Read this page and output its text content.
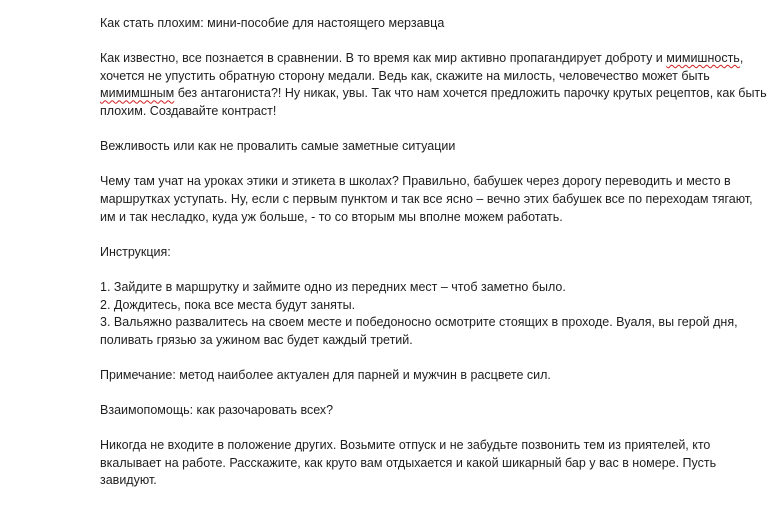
Как стать плохим: мини-пособие для настоящего мерзавца

Как известно, все познается в сравнении. В то время как мир активно пропагандирует доброту и мимишность, хочется не упустить обратную сторону медали. Ведь как, скажите на милость, человечество может быть мимимшным без антагониста?! Ну никак, увы. Так что нам хочется предложить парочку крутых рецептов, как быть плохим. Создавайте контраст!

Вежливость или как не провалить самые заметные ситуации

Чему там учат на уроках этики и этикета в школах? Правильно, бабушек через дорогу переводить и место в маршрутках уступать. Ну, если с первым пунктом и так все ясно – вечно этих бабушек все по переходам тягают, им и так несладко, куда уж больше, - то со вторым мы вполне можем работать.

Инструкция:

1. Зайдите в маршрутку и займите одно из передних мест – чтоб заметно было.

2. Дождитесь, пока все места будут заняты.

3. Вальяжно развалитесь на своем месте и победоносно осмотрите стоящих в проходе. Вуаля, вы герой дня, поливать грязью за ужином вас будет каждый третий.

Примечание: метод наиболее актуален для парней и мужчин в расцвете сил.

Взаимопомощь: как разочаровать всех?

Никогда не входите в положение других. Возьмите отпуск и не забудьте позвонить тем из приятелей, кто вкалывает на работе. Расскажите, как круто вам отдыхается и какой шикарный бар у вас в номере. Пусть завидуют.
